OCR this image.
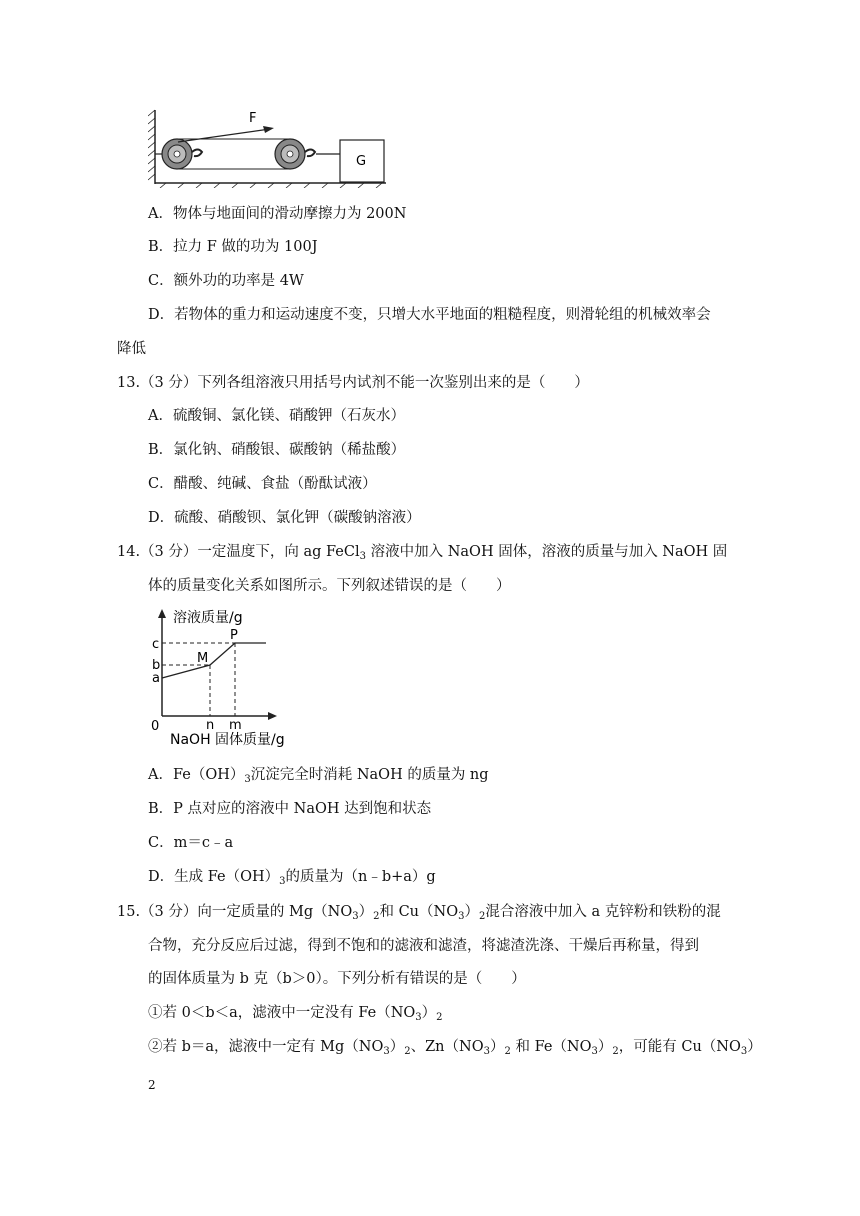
F
G
A．物体与地面间的滑动摩擦力为 200N
B．拉力 F 做的功为 100J
C．额外功的功率是 4W
D．若物体的重力和运动速度不变，只增大水平地面的粗糙程度，则滑轮组的机械效率会
降低
13.（3 分）下列各组溶液只用括号内试剂不能一次鉴别出来的是（　　）
A．硫酸铜、氯化镁、硝酸钾（石灰水）
B．氯化钠、硝酸银、碳酸钠（稀盐酸）
C．醋酸、纯碱、食盐（酚酞试液）
D．硫酸、硝酸钡、氯化钾（碳酸钠溶液）
14.（3 分）一定温度下，向 ag FeCl$_3$ 溶液中加入 NaOH 固体，溶液的质量与加入 NaOH 固
体的质量变化关系如图所示。下列叙述错误的是（　　）
溶液质量/g
NaOH 固体质量/g
0
c
b
a
n m
M
P
A．$Fe(OH)_3$沉淀完全时消耗 NaOH 的质量为 ng
B．P 点对应的溶液中 NaOH 达到饱和状态
C．m＝c﹣a
D．生成 $Fe(OH)_3$的质量为（n﹣b+a）g
15.（3 分）向一定质量的 $Mg(NO_3)_2$和 $Cu(NO_3)_2$混合溶液中加入 a 克锌粉和铁粉的混
合物，充分反应后过滤，得到不饱和的滤液和滤渣，将滤渣洗涤、干燥后再称量，得到
的固体质量为 b 克（b＞0）。下列分析有错误的是（　　）
①若 0＜b＜a，滤液中一定没有 $Fe(NO_3)_2$
②若 b＝a，滤液中一定有 $Mg(NO_3)_2$、$Zn(NO_3)_2$ 和 $Fe(NO_3)_2$，可能有 $Cu(NO_3)$
2
